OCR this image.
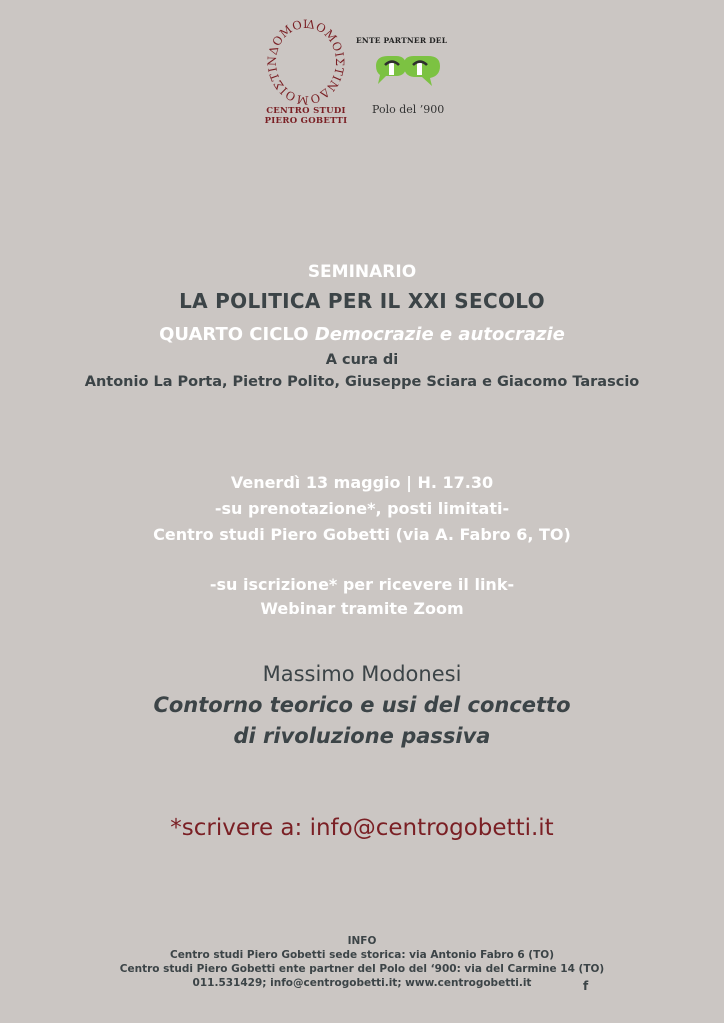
ΔΟΜΟΙΣΤΙΝΔΟΜΟΙΣΤΙΝΔΟΜΟΙ
CENTRO STUDI
PIERO GOBETTI
ENTE PARTNER DEL
Polo del ’900
SEMINARIO
LA POLITICA PER IL XXI SECOLO
QUARTO CICLO Democrazie e autocrazie
A cura di
Antonio La Porta, Pietro Polito, Giuseppe Sciara e Giacomo Tarascio
Venerdì 13 maggio | H. 17.30
-su prenotazione*, posti limitati-
Centro studi Piero Gobetti (via A. Fabro 6, TO)
-su iscrizione* per ricevere il link-
Webinar tramite Zoom
Massimo Modonesi
Contorno teorico e usi del concetto
di rivoluzione passiva
*scrivere a: info@centrogobetti.it
INFO
Centro studi Piero Gobetti sede storica: via Antonio Fabro 6 (TO)
Centro studi Piero Gobetti ente partner del Polo del ‘900: via del Carmine 14 (TO)
011.531429; info@centrogobetti.it; www.centrogobetti.it	f
